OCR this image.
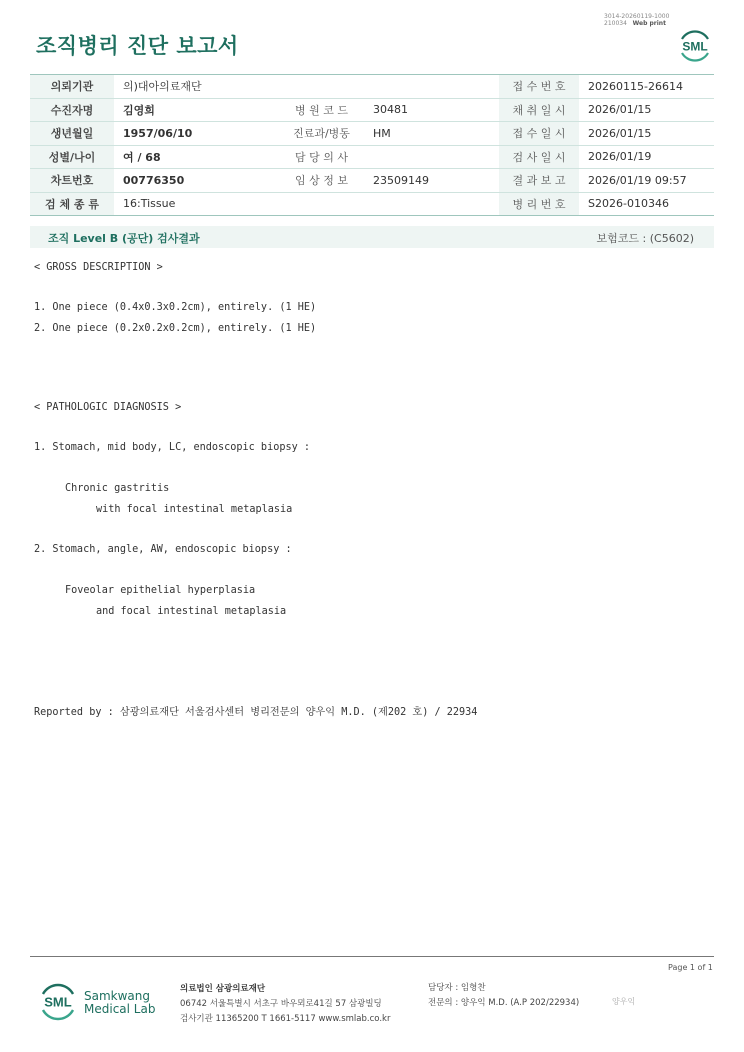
3014-20260119-1000
210034 Web print
조직병리 진단 보고서	SML
의뢰기관	의)대아의료재단			접 수 번 호	20260115-26614
수진자명	김영희	병 원 코 드	30481	채 취 일 시	2026/01/15
생년월일	1957/06/10	진료과/병동	HM	접 수 일 시	2026/01/15
성별/나이	여 / 68	담 당 의 사		검 사 일 시	2026/01/19
차트번호	00776350	임 상 정 보	23509149	결 과 보 고	2026/01/19 09:57
검 체 종 류	16:Tissue			병 리 번 호	S2026-010346
조직 Level B (공단) 검사결과	보험코드 : (C5602)
< GROSS DESCRIPTION >
1. One piece (0.4x0.3x0.2cm), entirely. (1 HE)
2. One piece (0.2x0.2x0.2cm), entirely. (1 HE)
< PATHOLOGIC DIAGNOSIS >
1. Stomach, mid body, LC, endoscopic biopsy :
Chronic gastritis
with focal intestinal metaplasia
2. Stomach, angle, AW, endoscopic biopsy :
Foveolar epithelial hyperplasia
and focal intestinal metaplasia
Reported by : 삼광의료재단 서울검사센터 병리전문의 양우익 M.D. (제202 호) / 22934
Page 1 of 1
SML Samkwang
Medical Lab
의료법인 삼광의료재단
06742 서울특별시 서초구 바우뫼로41길 57 삼광빌딩
검사기관 11365200 T 1661-5117 www.smlab.co.kr
담당자 : 임형찬
전문의 : 양우익 M.D. (A.P 202/22934)	양우익
